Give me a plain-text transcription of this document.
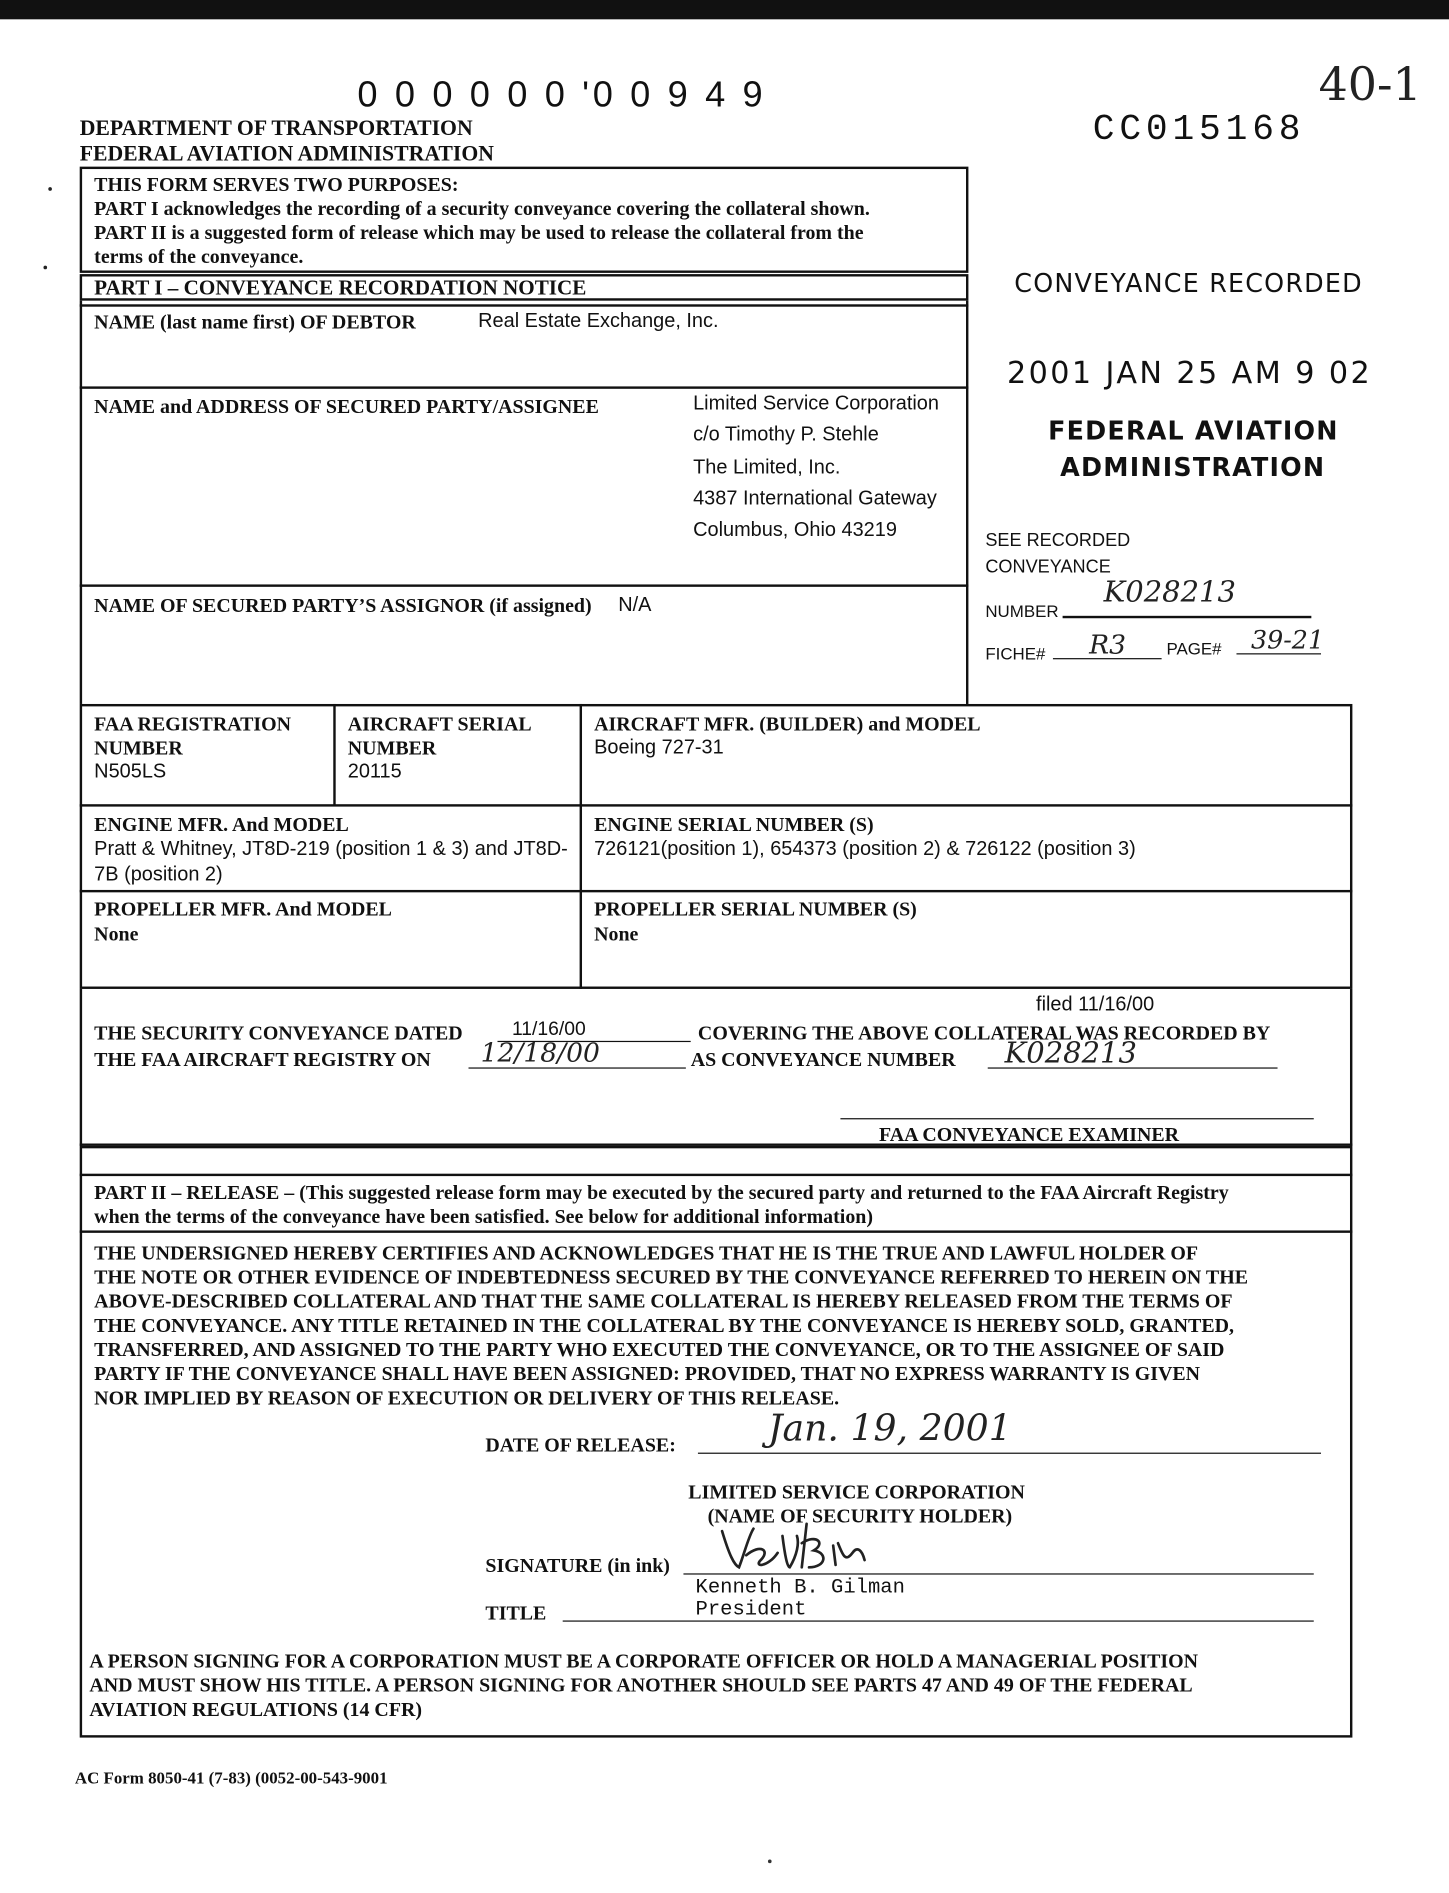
0 0 0 0 0 0 '0 0 9 4 9
CC015168
40-1
DEPARTMENT OF TRANSPORTATION
FEDERAL AVIATION ADMINISTRATION
THIS FORM SERVES TWO PURPOSES:
PART I acknowledges the recording of a security conveyance covering the collateral shown.
PART II is a suggested form of release which may be used to release the collateral from the
terms of the conveyance.
CONVEYANCE RECORDED
2001 JAN 25 AM 9 02
FEDERAL AVIATION
ADMINISTRATION
SEE RECORDED
CONVEYANCE
NUMBER
K028213
FICHE# R3	PAGE# 39-21
PART I – CONVEYANCE RECORDATION NOTICE
NAME (last name first) OF DEBTOR	Real Estate Exchange, Inc.
NAME and ADDRESS OF SECURED PARTY/ASSIGNEE	Limited Service Corporation
c/o Timothy P. Stehle
The Limited, Inc.
4387 International Gateway
Columbus, Ohio 43219
NAME OF SECURED PARTY’S ASSIGNOR (if assigned) N/A
FAA REGISTRATION
NUMBER
N505LS
AIRCRAFT SERIAL
NUMBER
20115
AIRCRAFT MFR. (BUILDER) and MODEL
Boeing 727-31
ENGINE MFR. And MODEL
Pratt & Whitney, JT8D-219 (position 1 & 3) and JT8D-
7B (position 2)
ENGINE SERIAL NUMBER (S)
726121(position 1), 654373 (position 2) & 726122 (position 3)
PROPELLER MFR. And MODEL
None
PROPELLER SERIAL NUMBER (S)
None
filed 11/16/00
THE SECURITY CONVEYANCE DATED	11/16/00	COVERING THE ABOVE COLLATERAL WAS RECORDED BY
THE FAA AIRCRAFT REGISTRY ON 12/18/00	AS CONVEYANCE NUMBER K028213
FAA CONVEYANCE EXAMINER
PART II – RELEASE – (This suggested release form may be executed by the secured party and returned to the FAA Aircraft Registry
when the terms of the conveyance have been satisfied. See below for additional information)
THE UNDERSIGNED HEREBY CERTIFIES AND ACKNOWLEDGES THAT HE IS THE TRUE AND LAWFUL HOLDER OF
THE NOTE OR OTHER EVIDENCE OF INDEBTEDNESS SECURED BY THE CONVEYANCE REFERRED TO HEREIN ON THE
ABOVE-DESCRIBED COLLATERAL AND THAT THE SAME COLLATERAL IS HEREBY RELEASED FROM THE TERMS OF
THE CONVEYANCE. ANY TITLE RETAINED IN THE COLLATERAL BY THE CONVEYANCE IS HEREBY SOLD, GRANTED,
TRANSFERRED, AND ASSIGNED TO THE PARTY WHO EXECUTED THE CONVEYANCE, OR TO THE ASSIGNEE OF SAID
PARTY IF THE CONVEYANCE SHALL HAVE BEEN ASSIGNED: PROVIDED, THAT NO EXPRESS WARRANTY IS GIVEN
NOR IMPLIED BY REASON OF EXECUTION OR DELIVERY OF THIS RELEASE.
DATE OF RELEASE:	Jan. 19, 2001
LIMITED SERVICE CORPORATION
(NAME OF SECURITY HOLDER)
SIGNATURE (in ink)
Kenneth B. Gilman
TITLE	President
A PERSON SIGNING FOR A CORPORATION MUST BE A CORPORATE OFFICER OR HOLD A MANAGERIAL POSITION
AND MUST SHOW HIS TITLE. A PERSON SIGNING FOR ANOTHER SHOULD SEE PARTS 47 AND 49 OF THE FEDERAL
AVIATION REGULATIONS (14 CFR)
AC Form 8050-41 (7-83) (0052-00-543-9001
